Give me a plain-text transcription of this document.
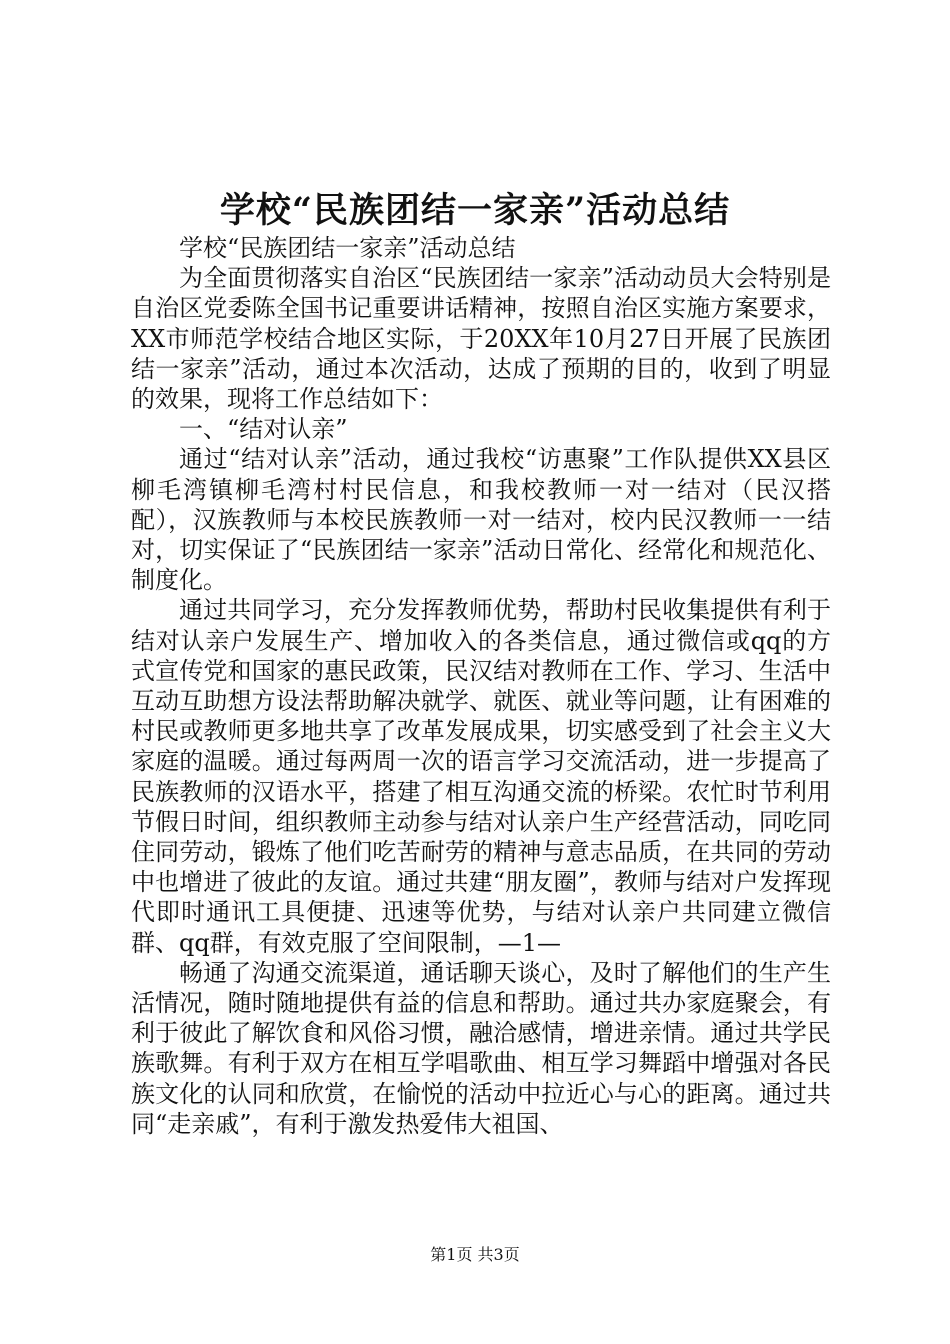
学校“民族团结一家亲”活动总结

学校“民族团结一家亲”活动总结

为全面贯彻落实自治区“民族团结一家亲”活动动员大会特别是自治区党委陈全国书记重要讲话精神，按照自治区实施方案要求，XX市师范学校结合地区实际，于20XX年10月27日开展了民族团结一家亲”活动，通过本次活动，达成了预期的目的，收到了明显的效果，现将工作总结如下：

一、“结对认亲”

通过“结对认亲”活动，通过我校“访惠聚”工作队提供XX县区柳毛湾镇柳毛湾村村民信息，和我校教师一对一结对（民汉搭配），汉族教师与本校民族教师一对一结对，校内民汉教师一一结对，切实保证了“民族团结一家亲”活动日常化、经常化和规范化、制度化。

通过共同学习，充分发挥教师优势，帮助村民收集提供有利于结对认亲户发展生产、增加收入的各类信息，通过微信或qq的方式宣传党和国家的惠民政策，民汉结对教师在工作、学习、生活中互动互助想方设法帮助解决就学、就医、就业等问题，让有困难的村民或教师更多地共享了改革发展成果，切实感受到了社会主义大家庭的温暖。通过每两周一次的语言学习交流活动，进一步提高了民族教师的汉语水平，搭建了相互沟通交流的桥梁。农忙时节利用节假日时间，组织教师主动参与结对认亲户生产经营活动，同吃同住同劳动，锻炼了他们吃苦耐劳的精神与意志品质，在共同的劳动中也增进了彼此的友谊。通过共建“朋友圈”，教师与结对户发挥现代即时通讯工具便捷、迅速等优势，与结对认亲户共同建立微信群、qq群，有效克服了空间限制，—1—

畅通了沟通交流渠道，通话聊天谈心，及时了解他们的生产生活情况，随时随地提供有益的信息和帮助。通过共办家庭聚会，有利于彼此了解饮食和风俗习惯，融洽感情，增进亲情。通过共学民族歌舞。有利于双方在相互学唱歌曲、相互学习舞蹈中增强对各民族文化的认同和欣赏，在愉悦的活动中拉近心与心的距离。通过共同“走亲戚”，有利于激发热爱伟大祖国、

第1页 共3页
